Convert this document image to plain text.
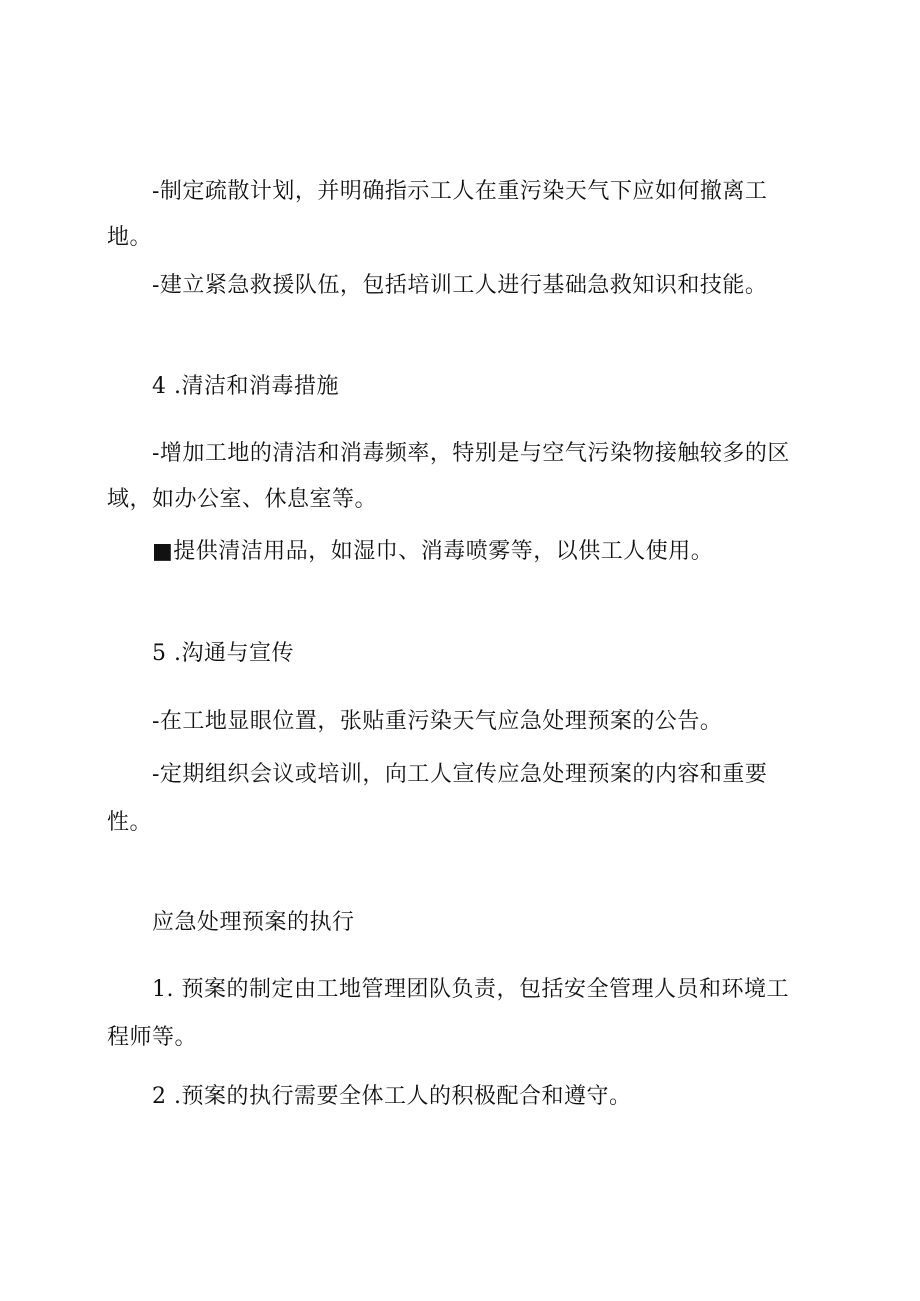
-制定疏散计划，并明确指示工人在重污染天气下应如何撤离工
地。
-建立紧急救援队伍，包括培训工人进行基础急救知识和技能。
4 .清洁和消毒措施
-增加工地的清洁和消毒频率，特别是与空气污染物接触较多的区
域，如办公室、休息室等。
■提供清洁用品，如湿巾、消毒喷雾等，以供工人使用。
5 .沟通与宣传
-在工地显眼位置，张贴重污染天气应急处理预案的公告。
-定期组织会议或培训，向工人宣传应急处理预案的内容和重要
性。
应急处理预案的执行
1. 预案的制定由工地管理团队负责，包括安全管理人员和环境工
程师等。
2 .预案的执行需要全体工人的积极配合和遵守。
